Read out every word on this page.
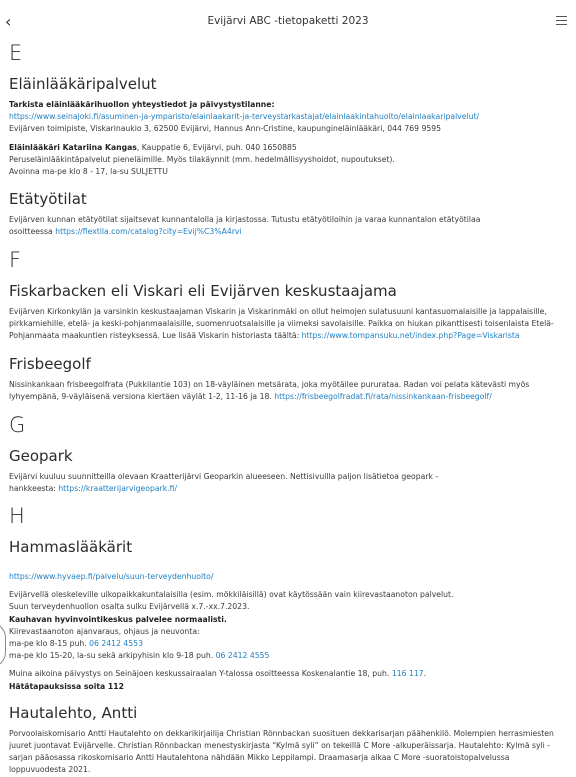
‹	Evijärvi ABC -tietopaketti 2023
E
Eläinlääkäripalvelut
Tarkista eläinlääkärihuollon yhteystiedot ja päivystystilanne:
https://www.seinajoki.fi/asuminen-ja-ymparisto/elainlaakarit-ja-terveystarkastajat/elainlaakintahuolto/elainlaakaripalvelut/
Evijärven toimipiste, Viskarinaukio 3, 62500 Evijärvi, Hannus Ann-Cristine, kaupungineläinlääkäri, 044 769 9595
Eläinlääkäri Katariina Kangas, Kauppatie 6, Evijärvi, puh. 040 1650885
Peruseläinlääkintäpalvelut pieneläimille. Myös tilakäynnit (mm. hedelmällisyyshoidot, nupoutukset).
Avoinna ma-pe klo 8 - 17, la-su SULJETTU
Etätyötilat
Evijärven kunnan etätyötilat sijaitsevat kunnantalolla ja kirjastossa. Tutustu etätyötiloihin ja varaa kunnantalon etätyötilaa
osoitteessa https://flextila.com/catalog?city=Evij%C3%A4rvi
F
Fiskarbacken eli Viskari eli Evijärven keskustaajama
Evijärven Kirkonkylän ja varsinkin keskustaajaman Viskarin ja Viskarinmäki on ollut heimojen sulatusuuni kantasuomalaisille ja lappalaisille,
pirkkamiehille, etelä- ja keski-pohjanmaalaisille, suomenruotsalaisille ja viimeksi savolaisille. Paikka on hiukan pikanttisesti toisenlaista Etelä-
Pohjanmaata maakuntien risteyksessä. Lue lisää Viskarin historiasta täältä: https://www.tompansuku.net/index.php?Page=Viskarista
Frisbeegolf
Nissinkankaan frisbeegolfrata (Pukkilantie 103) on 18-väyläinen metsärata, joka myötäilee pururataa. Radan voi pelata kätevästi myös
lyhyempänä, 9-väyläisenä versiona kiertäen väylät 1-2, 11-16 ja 18. https://frisbeegolfradat.fi/rata/nissinkankaan-frisbeegolf/
G
Geopark
Evijärvi kuuluu suunnitteilla olevaan Kraatterijärvi Geoparkin alueeseen. Nettisivuilla paljon lisätietoa geopark -
hankkeesta: https://kraatterijarvigeopark.fi/
H
Hammaslääkärit
https://www.hyvaep.fi/palvelu/suun-terveydenhuolto/
Evijärvellä oleskeleville ulkopaikkakuntalaisilla (esim. mökkiläisillä) ovat käytössään vain kiirevastaanoton palvelut.
Suun terveydenhuollon osalta sulku Evijärvellä x.7.-xx.7.2023.
Kauhavan hyvinvointikeskus palvelee normaalisti.
Kiirevastaanoton ajanvaraus, ohjaus ja neuvonta:
ma-pe klo 8-15 puh. 06 2412 4553
ma-pe klo 15-20, la-su sekä arkipyhisin klo 9-18 puh. 06 2412 4555
Muina aikoina päivystys on Seinäjoen keskussairaalan Y-talossa osoitteessa Koskenalantie 18, puh. 116 117.
Hätätapauksissa soita 112
Hautalehto, Antti
Porvoolaiskomisario Antti Hautalehto on dekkarikirjailija Christian Rönnbackan suosituen dekkarisarjan päähenkilö. Molempien herrasmiesten
juuret juontavat Evijärvelle. Christian Rönnbackan menestyskirjasta “Kylmä syli” on tekeillä C More -alkuperäissarja. Hautalehto: Kylmä syli -
sarjan pääosassa rikoskomisario Antti Hautalehtona nähdään Mikko Leppilampi. Draamasarja alkaa C More -suoratoistopalvelussa
loppuvuodesta 2021.
